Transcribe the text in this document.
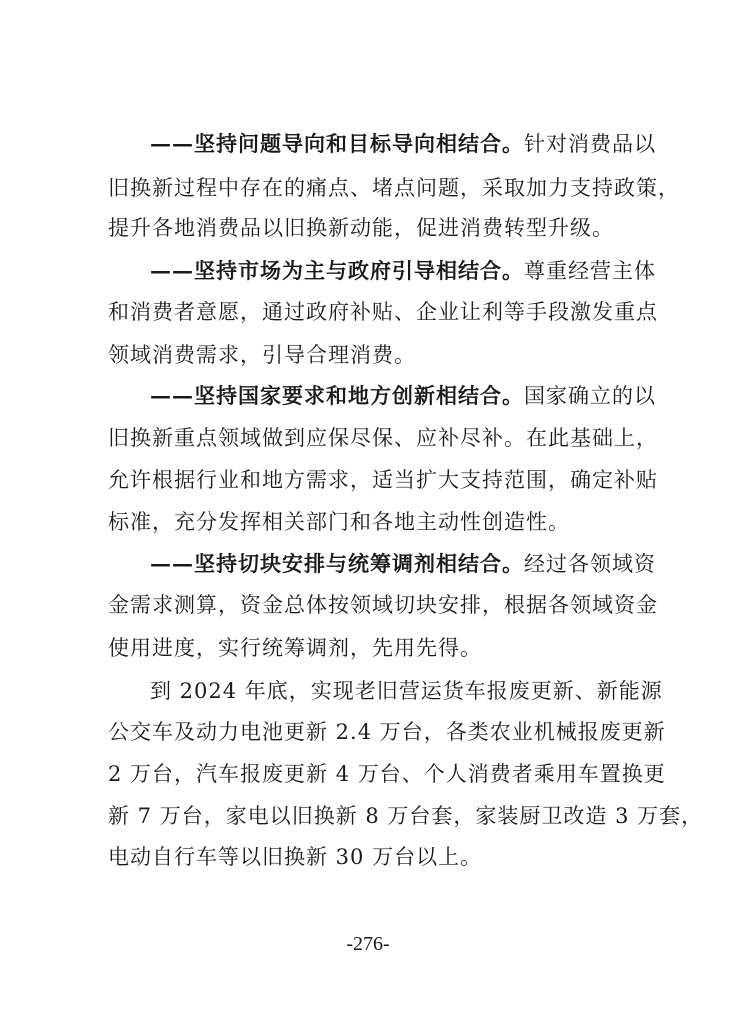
——坚持问题导向和目标导向相结合。针对消费品以
旧换新过程中存在的痛点、堵点问题，采取加力支持政策，
提升各地消费品以旧换新动能，促进消费转型升级。
——坚持市场为主与政府引导相结合。尊重经营主体
和消费者意愿，通过政府补贴、企业让利等手段激发重点
领域消费需求，引导合理消费。
——坚持国家要求和地方创新相结合。国家确立的以
旧换新重点领域做到应保尽保、应补尽补。在此基础上，
允许根据行业和地方需求，适当扩大支持范围，确定补贴
标准，充分发挥相关部门和各地主动性创造性。
——坚持切块安排与统筹调剂相结合。经过各领域资
金需求测算，资金总体按领域切块安排，根据各领域资金
使用进度，实行统筹调剂，先用先得。
到 2024 年底，实现老旧营运货车报废更新、新能源
公交车及动力电池更新 2.4 万台，各类农业机械报废更新
2 万台，汽车报废更新 4 万台、个人消费者乘用车置换更
新 7 万台，家电以旧换新 8 万台套，家装厨卫改造 3 万套，
电动自行车等以旧换新 30 万台以上。
-276-
